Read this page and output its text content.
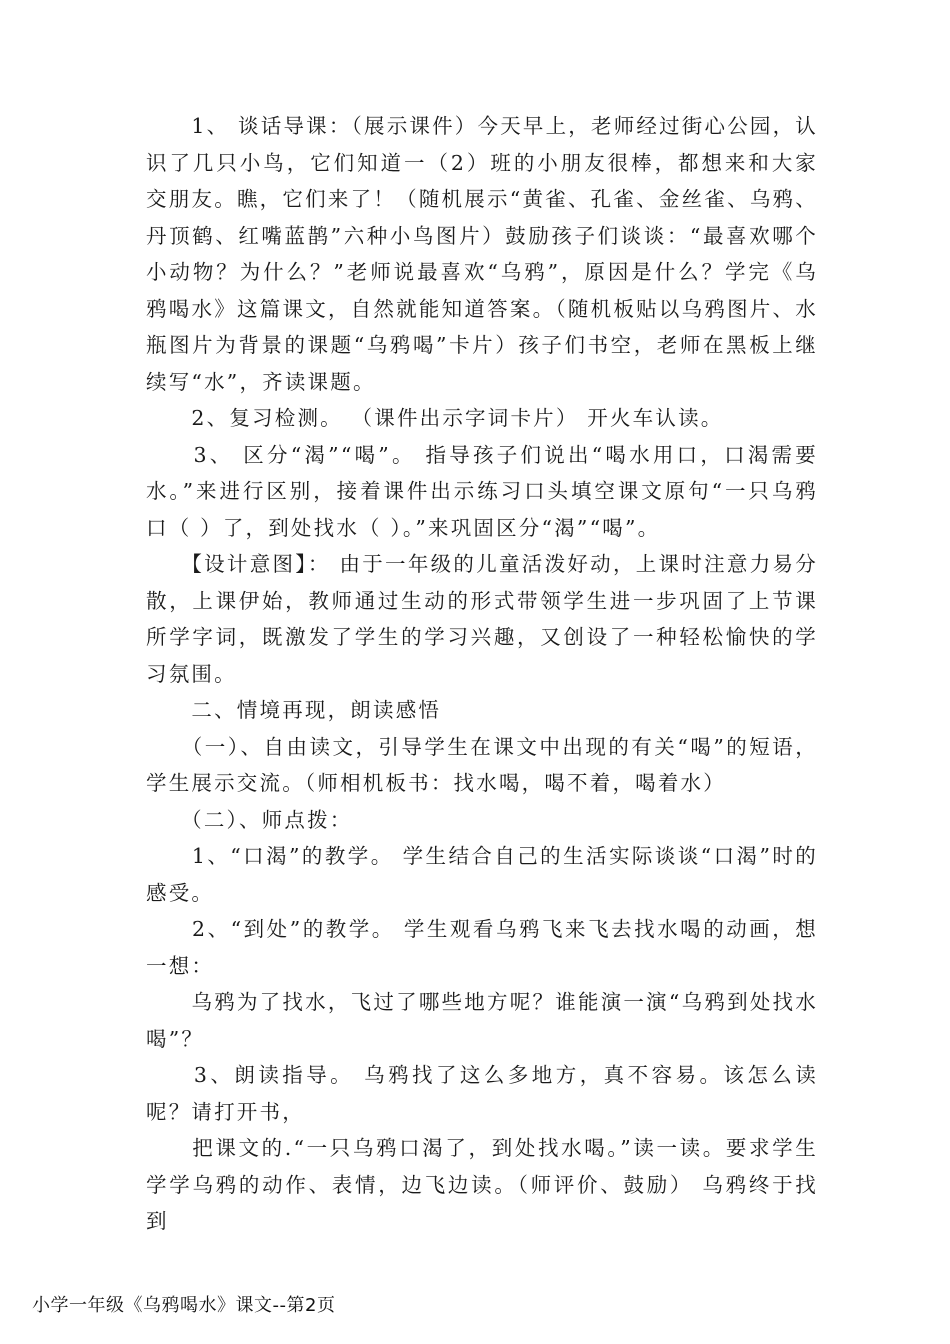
　　1、 谈话导课：（展示课件）今天早上，老师经过街心公园，认识了几只小鸟，它们知道一（2）班的小朋友很棒，都想来和大家交朋友。瞧，它们来了！（随机展示“黄雀、孔雀、金丝雀、乌鸦、丹顶鹤、红嘴蓝鹊”六种小鸟图片）鼓励孩子们谈谈：“最喜欢哪个小动物？为什么？”老师说最喜欢“乌鸦”，原因是什么？学完《乌鸦喝水》这篇课文，自然就能知道答案。（随机板贴以乌鸦图片、水瓶图片为背景的课题“乌鸦喝”卡片）孩子们书空，老师在黑板上继续写“水”，齐读课题。

　　2、复习检测。 （课件出示字词卡片） 开火车认读。

　　3、 区分“渴”“喝”。 指导孩子们说出“喝水用口，口渴需要水。”来进行区别，接着课件出示练习口头填空课文原句“一只乌鸦口（ ）了，到处找水（ ）。”来巩固区分“渴”“喝”。

　　【设计意图】： 由于一年级的儿童活泼好动，上课时注意力易分散，上课伊始，教师通过生动的形式带领学生进一步巩固了上节课所学字词，既激发了学生的学习兴趣，又创设了一种轻松愉快的学习氛围。

　　二、情境再现，朗读感悟

　　（一）、自由读文，引导学生在课文中出现的有关“喝”的短语，学生展示交流。（师相机板书：找水喝，喝不着，喝着水）

　　（二）、师点拨：

　　1、“口渴”的教学。 学生结合自己的生活实际谈谈“口渴”时的感受。

　　2、“到处”的教学。 学生观看乌鸦飞来飞去找水喝的动画，想一想：

　　乌鸦为了找水，飞过了哪些地方呢？谁能演一演“乌鸦到处找水喝”？

　　3、朗读指导。 乌鸦找了这么多地方，真不容易。该怎么读呢？请打开书，

　　把课文的.“一只乌鸦口渴了，到处找水喝。”读一读。要求学生学学乌鸦的动作、表情，边飞边读。（师评价、鼓励） 乌鸦终于找到

小学一年级《乌鸦喝水》课文--第2页
